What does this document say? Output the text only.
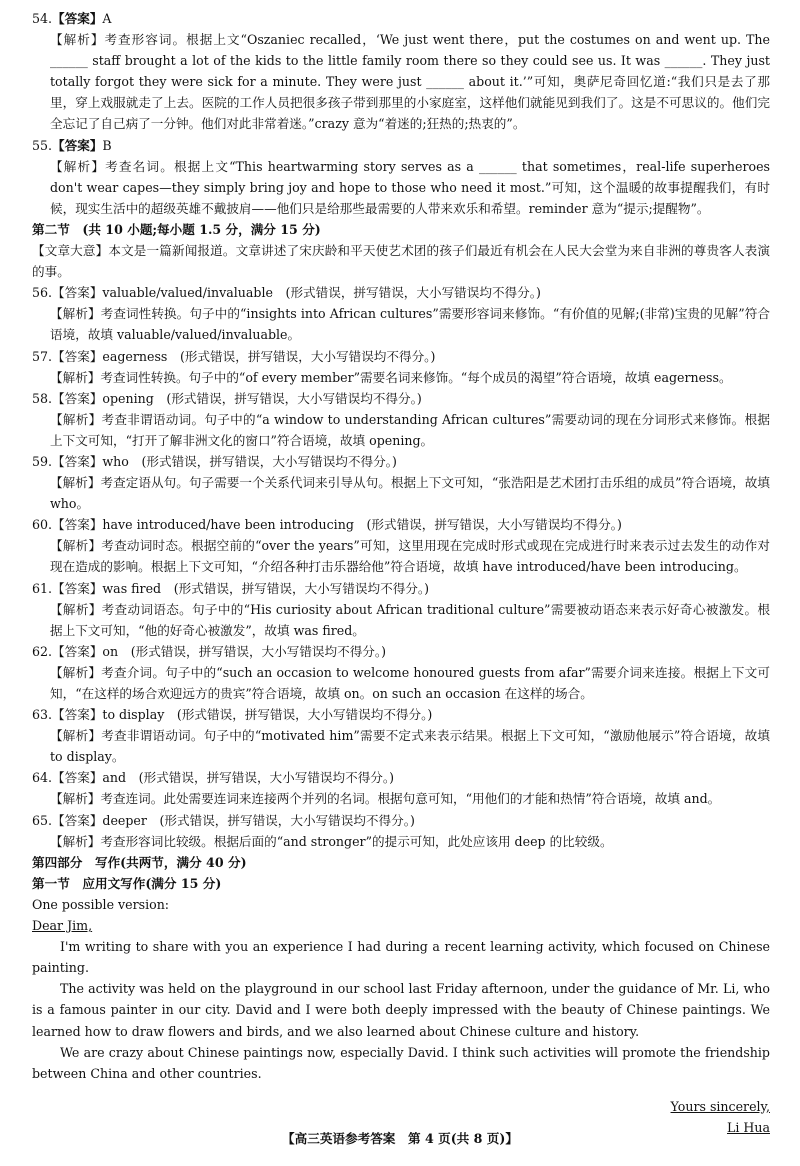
54.【答案】A
【解析】考查形容词。根据上文“Oszaniec recalled，‘We just went there，put the costumes on and went up. The ______ staff brought a lot of the kids to the little family room there so they could see us. It was ______. They just totally forgot they were sick for a minute. They were just ______ about it.’”可知，奥萨尼奇回忆道:“我们只是去了那里，穿上戏服就走了上去。医院的工作人员把很多孩子带到那里的小家庭室，这样他们就能见到我们了。这是不可思议的。他们完全忘记了自己病了一分钟。他们对此非常着迷。”crazy 意为“着迷的;狂热的;热衷的”。
55.【答案】B
【解析】考查名词。根据上文“This heartwarming story serves as a ______ that sometimes，real-life superheroes don't wear capes—they simply bring joy and hope to those who need it most.”可知，这个温暖的故事提醒我们，有时候，现实生活中的超级英雄不戴披肩——他们只是给那些最需要的人带来欢乐和希望。reminder 意为“提示;提醒物”。
第二节　(共 10 小题;每小题 1.5 分，满分 15 分)
【文章大意】本文是一篇新闻报道。文章讲述了宋庆龄和平天使艺术团的孩子们最近有机会在人民大会堂为来自非洲的尊贵客人表演的事。
56.【答案】valuable/valued/invaluable　(形式错误，拼写错误，大小写错误均不得分。)
【解析】考查词性转换。句子中的“insights into African cultures”需要形容词来修饰。“有价值的见解;(非常)宝贵的见解”符合语境，故填 valuable/valued/invaluable。
57.【答案】eagerness　(形式错误，拼写错误，大小写错误均不得分。)
【解析】考查词性转换。句子中的“of every member”需要名词来修饰。“每个成员的渴望”符合语境，故填 eagerness。
58.【答案】opening　(形式错误，拼写错误，大小写错误均不得分。)
【解析】考查非谓语动词。句子中的“a window to understanding African cultures”需要动词的现在分词形式来修饰。根据上下文可知，“打开了解非洲文化的窗口”符合语境，故填 opening。
59.【答案】who　(形式错误，拼写错误，大小写错误均不得分。)
【解析】考查定语从句。句子需要一个关系代词来引导从句。根据上下文可知，“张浩阳是艺术团打击乐组的成员”符合语境，故填 who。
60.【答案】have introduced/have been introducing　(形式错误，拼写错误，大小写错误均不得分。)
【解析】考查动词时态。根据空前的“over the years”可知，这里用现在完成时形式或现在完成进行时来表示过去发生的动作对现在造成的影响。根据上下文可知，“介绍各种打击乐器给他”符合语境，故填 have introduced/have been introducing。
61.【答案】was fired　(形式错误，拼写错误，大小写错误均不得分。)
【解析】考查动词语态。句子中的“His curiosity about African traditional culture”需要被动语态来表示好奇心被激发。根据上下文可知，“他的好奇心被激发”，故填 was fired。
62.【答案】on　(形式错误，拼写错误，大小写错误均不得分。)
【解析】考查介词。句子中的“such an occasion to welcome honoured guests from afar”需要介词来连接。根据上下文可知，“在这样的场合欢迎远方的贵宾”符合语境，故填 on。on such an occasion 在这样的场合。
63.【答案】to display　(形式错误，拼写错误，大小写错误均不得分。)
【解析】考查非谓语动词。句子中的“motivated him”需要不定式来表示结果。根据上下文可知，“激励他展示”符合语境，故填 to display。
64.【答案】and　(形式错误，拼写错误，大小写错误均不得分。)
【解析】考查连词。此处需要连词来连接两个并列的名词。根据句意可知，“用他们的才能和热情”符合语境，故填 and。
65.【答案】deeper　(形式错误，拼写错误，大小写错误均不得分。)
【解析】考查形容词比较级。根据后面的“and stronger”的提示可知，此处应该用 deep 的比较级。
第四部分　写作(共两节，满分 40 分)
第一节　应用文写作(满分 15 分)
One possible version:
Dear Jim,
I'm writing to share with you an experience I had during a recent learning activity, which focused on Chinese painting.
The activity was held on the playground in our school last Friday afternoon, under the guidance of Mr. Li, who is a famous painter in our city. David and I were both deeply impressed with the beauty of Chinese paintings. We learned how to draw flowers and birds, and we also learned about Chinese culture and history.
We are crazy about Chinese paintings now, especially David. I think such activities will promote the friendship between China and other countries.
Yours sincerely,
Li Hua
【高三英语参考答案　第 4 页(共 8 页)】
